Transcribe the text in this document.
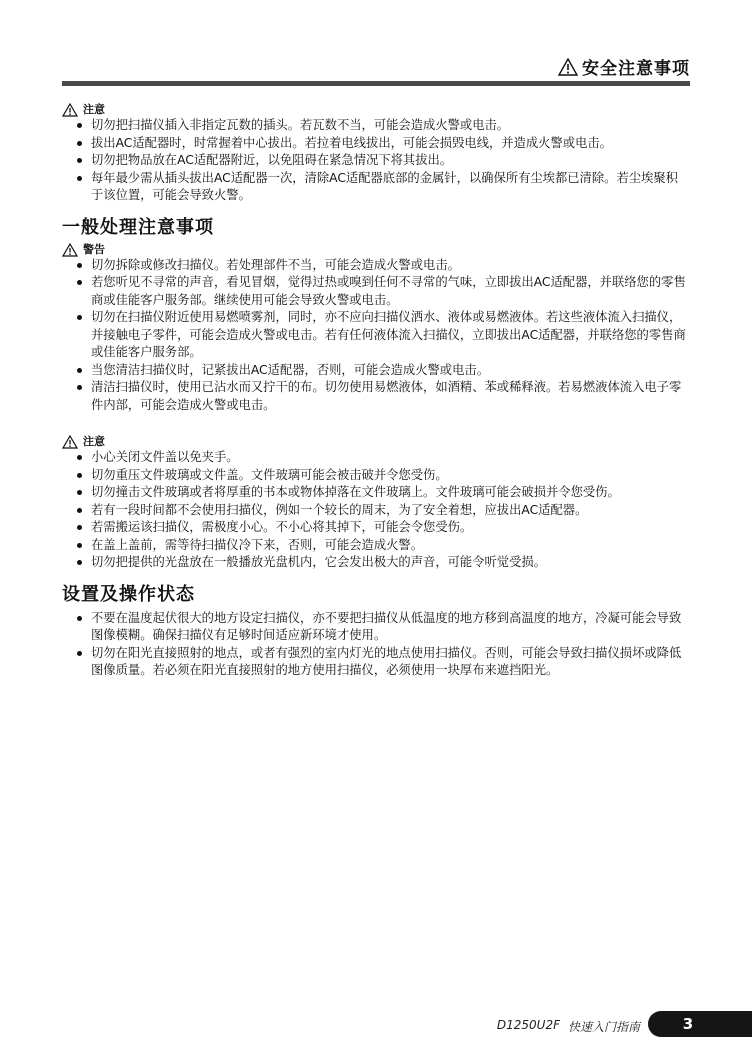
安全注意事项
注意
切勿把扫描仪插入非指定瓦数的插头。若瓦数不当，可能会造成火警或电击。
拔出AC适配器时，时常握着中心拔出。若拉着电线拔出，可能会损毁电线，并造成火警或电击。
切勿把物品放在AC适配器附近，以免阻碍在紧急情况下将其拔出。
每年最少需从插头拔出AC适配器一次，清除AC适配器底部的金属针，以确保所有尘埃都已清除。若尘埃聚积于该位置，可能会导致火警。
一般处理注意事项
警告
切勿拆除或修改扫描仪。若处理部件不当，可能会造成火警或电击。
若您听见不寻常的声音，看见冒烟，觉得过热或嗅到任何不寻常的气味，立即拔出AC适配器，并联络您的零售商或佳能客户服务部。继续使用可能会导致火警或电击。
切勿在扫描仪附近使用易燃喷雾剂，同时，亦不应向扫描仪洒水、液体或易燃液体。若这些液体流入扫描仪，并接触电子零件，可能会造成火警或电击。若有任何液体流入扫描仪，立即拔出AC适配器，并联络您的零售商或佳能客户服务部。
当您清洁扫描仪时，记紧拔出AC适配器，否则，可能会造成火警或电击。
清洁扫描仪时，使用已沾水而又拧干的布。切勿使用易燃液体，如酒精、苯或稀释液。若易燃液体流入电子零件内部，可能会造成火警或电击。
注意
小心关闭文件盖以免夹手。
切勿重压文件玻璃或文件盖。文件玻璃可能会被击破并令您受伤。
切勿撞击文件玻璃或者将厚重的书本或物体掉落在文件玻璃上。文件玻璃可能会破损并令您受伤。
若有一段时间都不会使用扫描仪，例如一个较长的周末，为了安全着想，应拔出AC适配器。
若需搬运该扫描仪，需极度小心。不小心将其掉下，可能会令您受伤。
在盖上盖前，需等待扫描仪冷下来，否则，可能会造成火警。
切勿把提供的光盘放在一般播放光盘机内，它会发出极大的声音，可能令听觉受损。
设置及操作状态
不要在温度起伏很大的地方设定扫描仪，亦不要把扫描仪从低温度的地方移到高温度的地方，冷凝可能会导致图像模糊。确保扫描仪有足够时间适应新环境才使用。
切勿在阳光直接照射的地点，或者有强烈的室内灯光的地点使用扫描仪。否则，可能会导致扫描仪损坏或降低图像质量。若必须在阳光直接照射的地方使用扫描仪，必须使用一块厚布来遮挡阳光。
D1250U2F 快速入门指南	3
